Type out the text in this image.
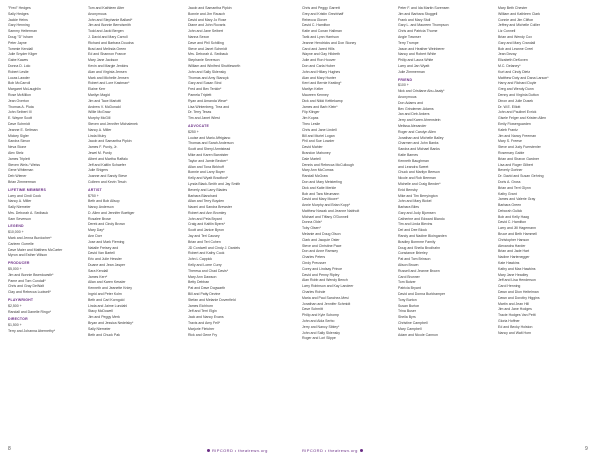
"Fred" Hedges
Sally Hedges
Jackie Heins
Gary Henning
Sammy Heiterman
Doug "D" Isham
Peter Jayne
Tommie Kendall
Julie Snyder Kilger
Gabe Kawes
Donna D. Lolo
Robert Leslie
Lucas Lawder
Bob McCarroll
Margaret McLaughlin
Rose McMillon
Jean Overton
Thomas A. Pluta
John Seibert III
E. Wayne Scott
Dave Schmidt
Jeanne E. Seitman
Mickey Sigler
Sandra Simon
Neva Stone
Alex Stelz
James Triplett
Steven Weis / Weiss
Gene Whiteman
Deb Wiener
Brian Zimmerman
LIFETIME MEMBERS
Larry and Cindi Cook
Nancy A. Miller
Sally Niemeier
Mrs. Deborah A. Sedbauk
Sam Severson
LEGEND
$10,000 +
Mark and Jenna Burdocher*
Carleen Gorrelle
Dave Maier and Matthew McCarter
Myron and Esther Wilson
PRODUCER
$5,000 +
Jim and Bonnie Bwerdowsth*
Pame and Tom Cundall*
Chris and Gray DeWalt
Clay and Rebecca Ludwell*
PLAYWRIGHT
$2,500 +
Randall and Danelle Ringo*
DIRECTOR
$1,500 +
Terry and Johanna Abernethy*
Tom and Kathleen Alter
Anonymous
John and Stephanie Ballard*
Jim and Bonnie Berndsmith
Todd and Jacki Bergen
J. David and Mary Carroll
Richard and Barbara Doudna
Brad and Melinda Green
Ed and Shannon France
Mary Jane Jackson
Kevin and Margie Jenkins
Alan and Virginia Jensen
Mark and Michelle Jensen
Robert and Lore Kastman*
Elaine Kerr
Marilyn Magid
Jim and Tace Mariotti
Andrew V. McDonald
Willie McGraw
Murphy McGill
Steven and Jennifer Michalenek
Nancy A. Miller
Linda Mulry
Jacob and Samantha Pipkin
James F. Purdy, Jr.
Jewel M. Purdy
Albert and Martha Raffalo
Jeff and Kaitlin Schaefer
Julie Shigers
Joanne and Sandy Steve
Colleen and Kevin Tesch
ARTIST
$750 +
Beth and Bob Allsop
Nancy Anderson
D. Allen and Jennifer Boettger
Rosalee Brose
Derek and Cindy Brown
Mary Day*
Ann Dorr
Jose and Mark Fleming
Natalie Freisey and
David Van Bartell
Eric and Julie Hessler
Duane and Jean Jasper
Sara Kendall
James Kerr*
Allan and Karen Kessler
Kenneth and Jeanette Kniey
Ingrid and Peter Kolm
Beth and Carl Korngold
Linda and Jaime Lundahl
Stacy McDowell
Jim and Peggy Merk
Bryan and Jessica Nedelsky*
Sally Niemeier
Beth and Chuck Pak
Jacob and Samantha Pipkin
Bonnie and Jim Rausch
David and Mary Jo Rose
Diane and John Rovaris
John and Jane Seibert
Nanna Sexon
Dave and Phil Schilling
Steve and Janet Schmidt
Mrs. Deborah A. Sedbauk
Stephanie Severson
William and Winifred Shuttleworth
John and Sally Sklensky
Thomas and Amy Stancyk
Gary and Susan Stroi
Fred and Bev Tenkin*
Pamela Triplett
Ryan and Amanda Wear*
Lisa Wintenberg, Trea and
Dr. Terry Texas
Tim and Janet Wiest
ADVOCATE
$250 +
Louise and Mario Affrigiano
Thomas and Sarah Anderson
Scott and Sheryl Armistead
Mike and Karen Bannister
Taylor and Jamie Becker*
Allan and Tona Birkhoff
Bonnie and Larry Boyer
Kelly and Wyatt Bradford*
Lynda Black-Smith and Jay Smith
Beverly and Larry Blades
Barbara Blanchard
Allan and Terry Boyden
Naomi and Sandra Brewster
Robert and Ann Bromley
John and Peta Bryant
Craig and Kaitlin Byers*
Scott and Janice Byron
Jay and Teri Causey
Brian and Teri Cohen
JD Cordwell and Cindy J. Daniels
Robert and Kathy Cook
John L Cappick
Kelly and Lome Curry
Theresa and Chad Davis*
Mary Ann Dawson
Betty Debban
Pat and Dave Dogwarth
Bill and Patty Devine
Stefan and Melanie Dovenfield
James Eichhorn
Jeff and Terri Elgin
Jack and Nancy Evans
Travis and Amy Fell*
Marjorie Fletcher
Rick and Gene Fry
8	RIPCORD • theatrewn.org
Chris and Peggy Garrett
Grey and Kristin Grezbhaff
Rebecca Glover
David C. Hamilton
Katie and Conan Hallman
Tarik and Lynn Harrison
Jeanne Hendricks and Don Stoney
Carol and Jared Hills
Wayne and Gay Hildreth
Julie and Ron Hoover
Don and Carla Huber
John and Hillary Hughes
Alan and Mary Hunter
Kerri and Bernie Keating*
Marilyn Keller
Maureen Kenney
Dick and Nikki Kettlekamp
James and Barb Klein*
Flip Klinger
Jim Kopas
Theo Leslie
Chris and Jane Lindell
Bill and Muriel Logan
Phil and Sue Lowder
David Mahler
Brandon Mahoney
Dale Martell
Dennis and Rebecca McCullough
Mary Ann McComas
Randall McGraw
Don and Mary Meisterling
Dick and Katie Merkle
Bob and Tara Meumann
David and Mary Moore*
Annie Murphy and Brian Kopp*
Matthew Nowak and Jeanne Nabholt
Michael and Tiffany O'Donnell
Donna Olds*
Toby Olsen*
Melanie and Doug Olson
Clark and Jacquie Oster
Steve and Christine Pace
Don and Anne Ramsey
Charles Peters
Cindy Preusser
Corey and Lindsay Prince
David and Penny Ripley
Alan Robb and Wendy Bench
Larry Robinson and Kay Landeer
Charles Rohde
Maria and Paul Sanchez-Mesi
Jonathan and Jennifer Schmidt
Dave Schmitt
Philip and Kyle Schomp
John and Aida Serbo
Jerry and Nancy Sibley*
John and Sally Sklensky
Roger and Lori Slippe
Peter F. and Ida Martin Sorensen
Jim and Barbara Stoggell
Frank and Mary Stull
Gary L. and Maureen Thompson
Chris and Patricia Thome
Angie Townser
Terry Trompe
Jason and Heather Weinberer
Nancy and Robert White
Philip and Laura White
Larry and Jan Wyatt
Julie Zimmerman
FRIEND
$100 +
Nick and Cristiane Abu-Asaly*
Anonymous
Don Adams and
Bev Grindemer-Adams
Jan and Deb Ankers
Jerry and Karen Ahrenstein
Melissa Alexander
Roger and Carolyn Allen
Jonathan and Michelle Bailey
Charmen and John Banks
Sandra and Michael Banks
Katie Barnes
Kenneth Baughman
and Leandra Sweet
Chuck and Marilyn Beeson
Nicole and Rob Beeman
Michelle and Craig Bender*
Enid Bensby
Mike and Tim Berryington
John and Mary Bickel
Barbara Biles
Gary and Judy Bjornsen
Catherine and Edward Blando
Tim and Linda Blevins
Del and Dee Block
Randy and Nadine Bloingarden
Bradley Bormme Family
Doug and Sheila Brodhahn
Constance Brierley
Pat and Tom Brinson
Alison Brown
Russell and Jeanne Brown
Carol Brunner
Tom Butzer
Patricia Bryant
David and Donna Burkhamper
Tony Burton
Susan Burton
Trina Buser
Sheila Byrs
Christine Campbell
Mary Campbell
Adam and Nicole Cannon
Mary Beth Chester
William and Kathleen Clark
Connie and Jim Clifton
Jeffrey and Michelle Collier
Liz Connell
Brian and Wendy Cox
Gary and Mary Crandall
Bob and Leanne Creel
Jean Dezay
Elizabeth DeKoven
M.C. Delaney*
Kurt and Cindy Dietz
Matthew Doty and Dana Larson*
Harry and Richard Doyle
Greg and Wendy Dunn
Denny and Virginia Dutton
Dinon and Julie Dusek
Dr. W.E. Elliott
John and Paulinel Evrick
Gisele Felger and Kristen Allen
Emily Flowerguarden
Kaleb Frantz
Jim and Nancy Freeman
Mary S. Freese
Steve and Judy Fuerstenler
Rosemary Gable
Brian and Sharon Gardner
Lisa and Roger Gilbert
Beverly Gortner
Dr. David and Susan Gehring
Doris A. Gross
Brian and Terri Glynn
Kathy Grant
James and Valerie Gray
Barbara Green
Deborah Gulick
Bob and Kelly Haag
David C. Hamilton
Larry and Jill Hagemann
Bruce and Beth Hammell
Christopher Hanson
Alexandra Harder
Brian and Jade Hart
Nadine Hartenegger
Kate Hawkins
Kathy and Max Hawkins
Mary Jane Headley
Jeff and Lisa Henderson
Carol Henning
Dawn and Dion Heitelman
Dawn and Dorothy Higgins
Martin and Jean Hill
Jim and Jane Hodges
Tracie Hodges Van Petit
Gloria Hoffner
Ed and Becky Holston
Nancy and Walt Horn
RIPCORD • theatrewn.org	9
